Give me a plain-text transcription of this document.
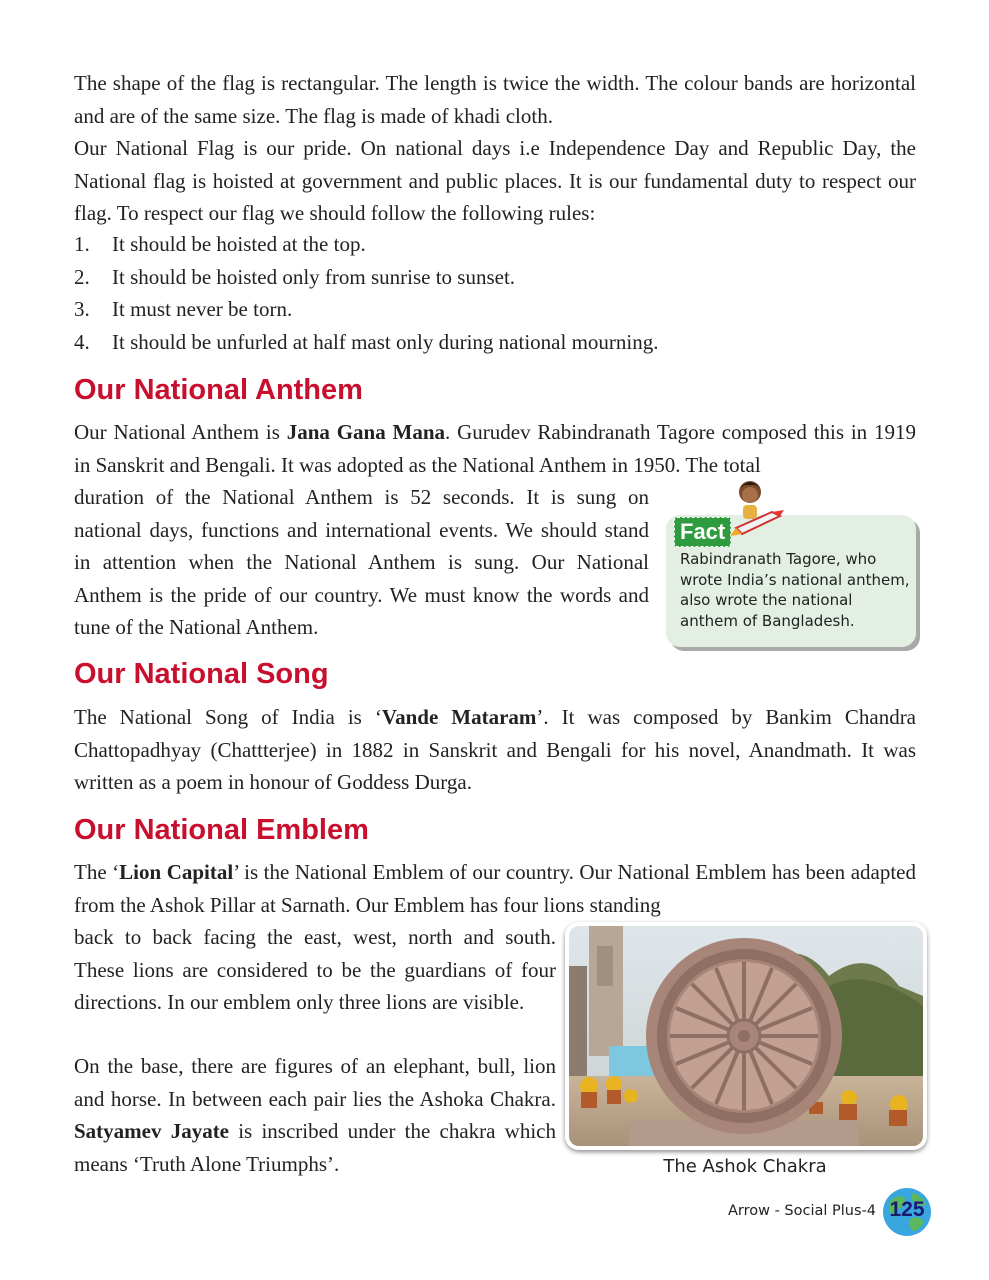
The shape of the flag is rectangular. The length is twice the width. The colour bands are horizontal and are of the same size. The flag is made of khadi cloth.

Our National Flag is our pride. On national days i.e Independence Day and Republic Day, the National flag is hoisted at government and public places. It is our fundamental duty to respect our flag. To respect our flag we should follow the following rules:

1.	It should be hoisted at the top.
2.	It should be hoisted only from sunrise to sunset.
3.	It must never be torn.
4.	It should be unfurled at half mast only during national mourning.
Our National Anthem

Our National Anthem is Jana Gana Mana. Gurudev Rabindranath Tagore composed this in 1919 in Sanskrit and Bengali. It was adopted as the National Anthem in 1950. The total

duration of the National Anthem is 52 seconds. It is sung on national days, functions and international events. We should stand in attention when the National Anthem is sung. Our National Anthem is the pride of our country. We must know the words and tune of the National Anthem.

Fact

Rabindranath Tagore, who wrote India’s national anthem, also wrote the national anthem of Bangladesh.

Our National Song

The National Song of India is ‘Vande Mataram’. It was composed by Bankim Chandra Chattopadhyay (Chattterjee) in 1882 in Sanskrit and Bengali for his novel, Anandmath. It was written as a poem in honour of Goddess Durga.

Our National Emblem

The ‘Lion Capital’ is the National Emblem of our country. Our National Emblem has been adapted from the Ashok Pillar at Sarnath. Our Emblem has four lions standing

back to back facing the east, west, north and south. These lions are considered to be the guardians of four directions. In our emblem only three lions are visible.

On the base, there are figures of an elephant, bull, lion and horse. In between each pair lies the Ashoka Chakra. Satyamev Jayate is inscribed under the chakra which means ‘Truth Alone Triumphs’.	The Ashok Chakra

Arrow - Social Plus-4 125
